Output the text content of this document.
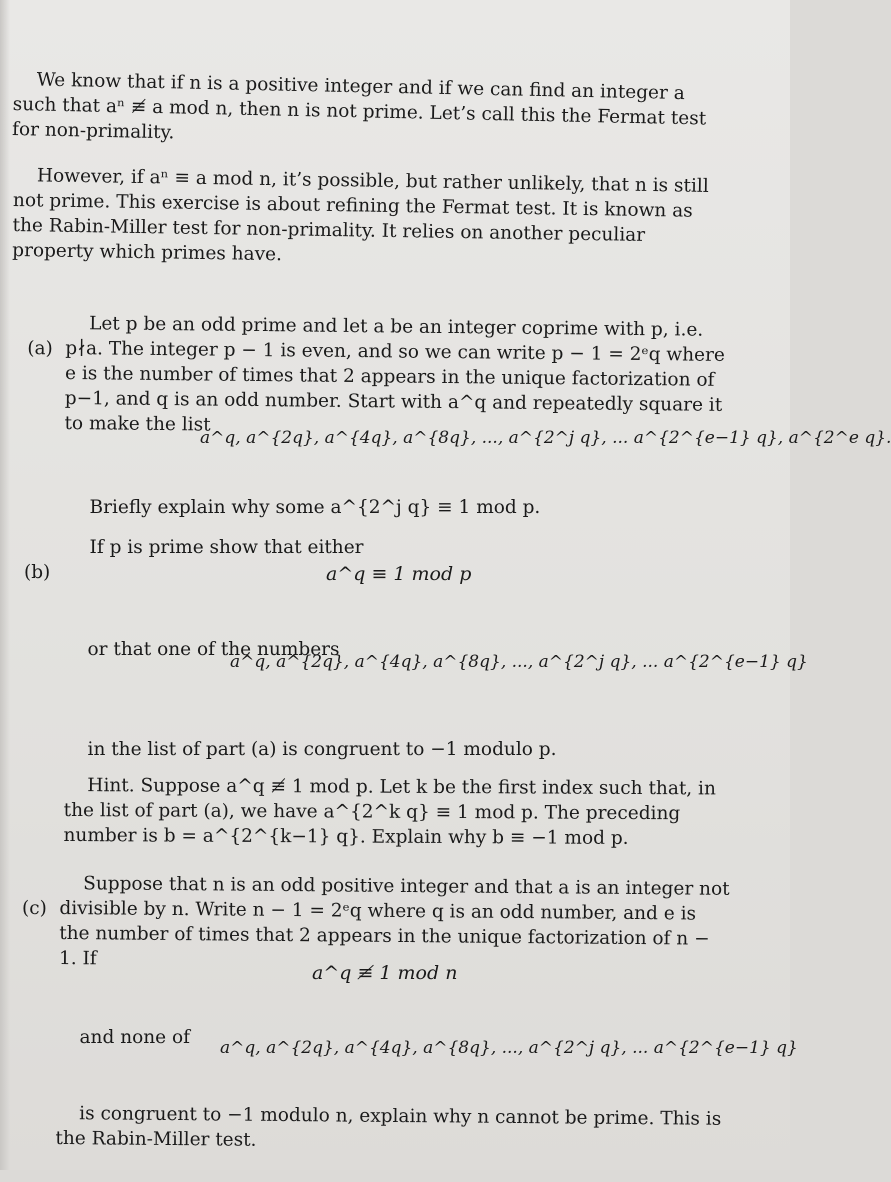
We know that if n is a positive integer and if we can find an integer a such that aⁿ ≢ a mod n, then n is not prime. Let’s call this the Fermat test for non-primality.

However, if aⁿ ≡ a mod n, it’s possible, but rather unlikely, that n is still not prime. This exercise is about refining the Fermat test. It is known as the Rabin-Miller test for non-primality. It relies on another peculiar property which primes have.

(a)

Let p be an odd prime and let a be an integer coprime with p, i.e. p∤a. The integer p − 1 is even, and so we can write p − 1 = 2ᵉq where e is the number of times that 2 appears in the unique factorization of p−1, and q is an odd number. Start with a^q and repeatedly square it to make the list

a^q, a^{2q}, a^{4q}, a^{8q}, ..., a^{2^j q}, ... a^{2^{e−1} q}, a^{2^e q}.

Briefly explain why some a^{2^j q} ≡ 1 mod p.

(b)

If p is prime show that either

a^q ≡ 1 mod p

or that one of the numbers

a^q, a^{2q}, a^{4q}, a^{8q}, ..., a^{2^j q}, ... a^{2^{e−1} q}

in the list of part (a) is congruent to −1 modulo p.

Hint. Suppose a^q ≢ 1 mod p. Let k be the first index such that, in the list of part (a), we have a^{2^k q} ≡ 1 mod p. The preceding number is b = a^{2^{k−1} q}. Explain why b ≡ −1 mod p.

(c)

Suppose that n is an odd positive integer and that a is an integer not divisible by n. Write n − 1 = 2ᵉq where q is an odd number, and e is the number of times that 2 appears in the unique factorization of n − 1. If

a^q ≢ 1 mod n

and none of
	a^q, a^{2q}, a^{4q}, a^{8q}, ..., a^{2^j q}, ... a^{2^{e−1} q}

is congruent to −1 modulo n, explain why n cannot be prime. This is the Rabin-Miller test.
